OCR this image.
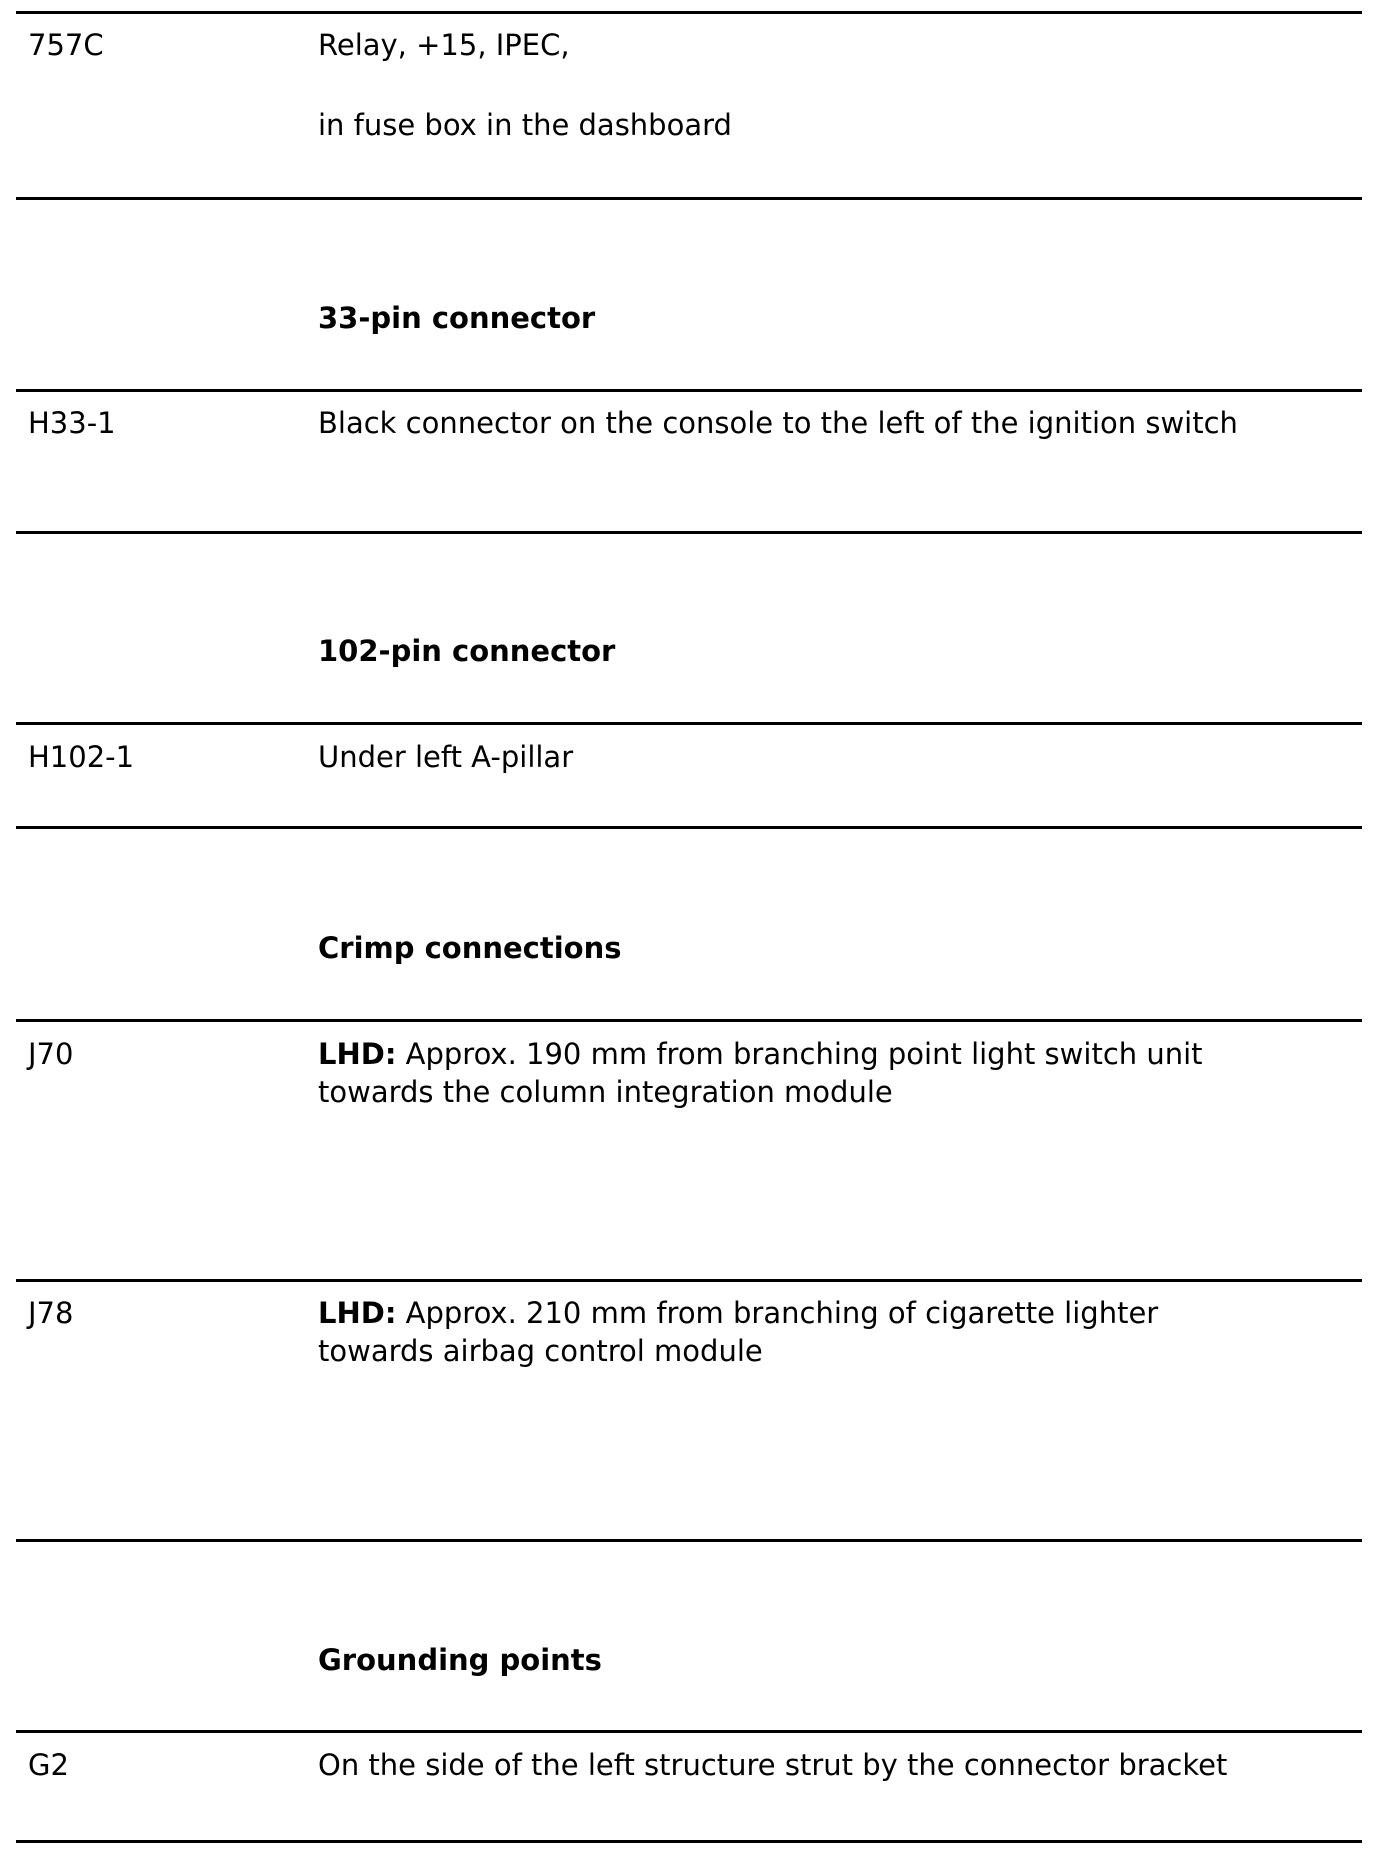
757C	Relay, +15, IPEC,
in fuse box in the dashboard
33-pin connector
H33-1	Black connector on the console to the left of the ignition switch
102-pin connector
H102-1	Under left A-pillar
Crimp connections
J70	LHD: Approx. 190 mm from branching point light switch unit towards the column integration module
J78	LHD: Approx. 210 mm from branching of cigarette lighter towards airbag control module
Grounding points
G2	On the side of the left structure strut by the connector bracket
